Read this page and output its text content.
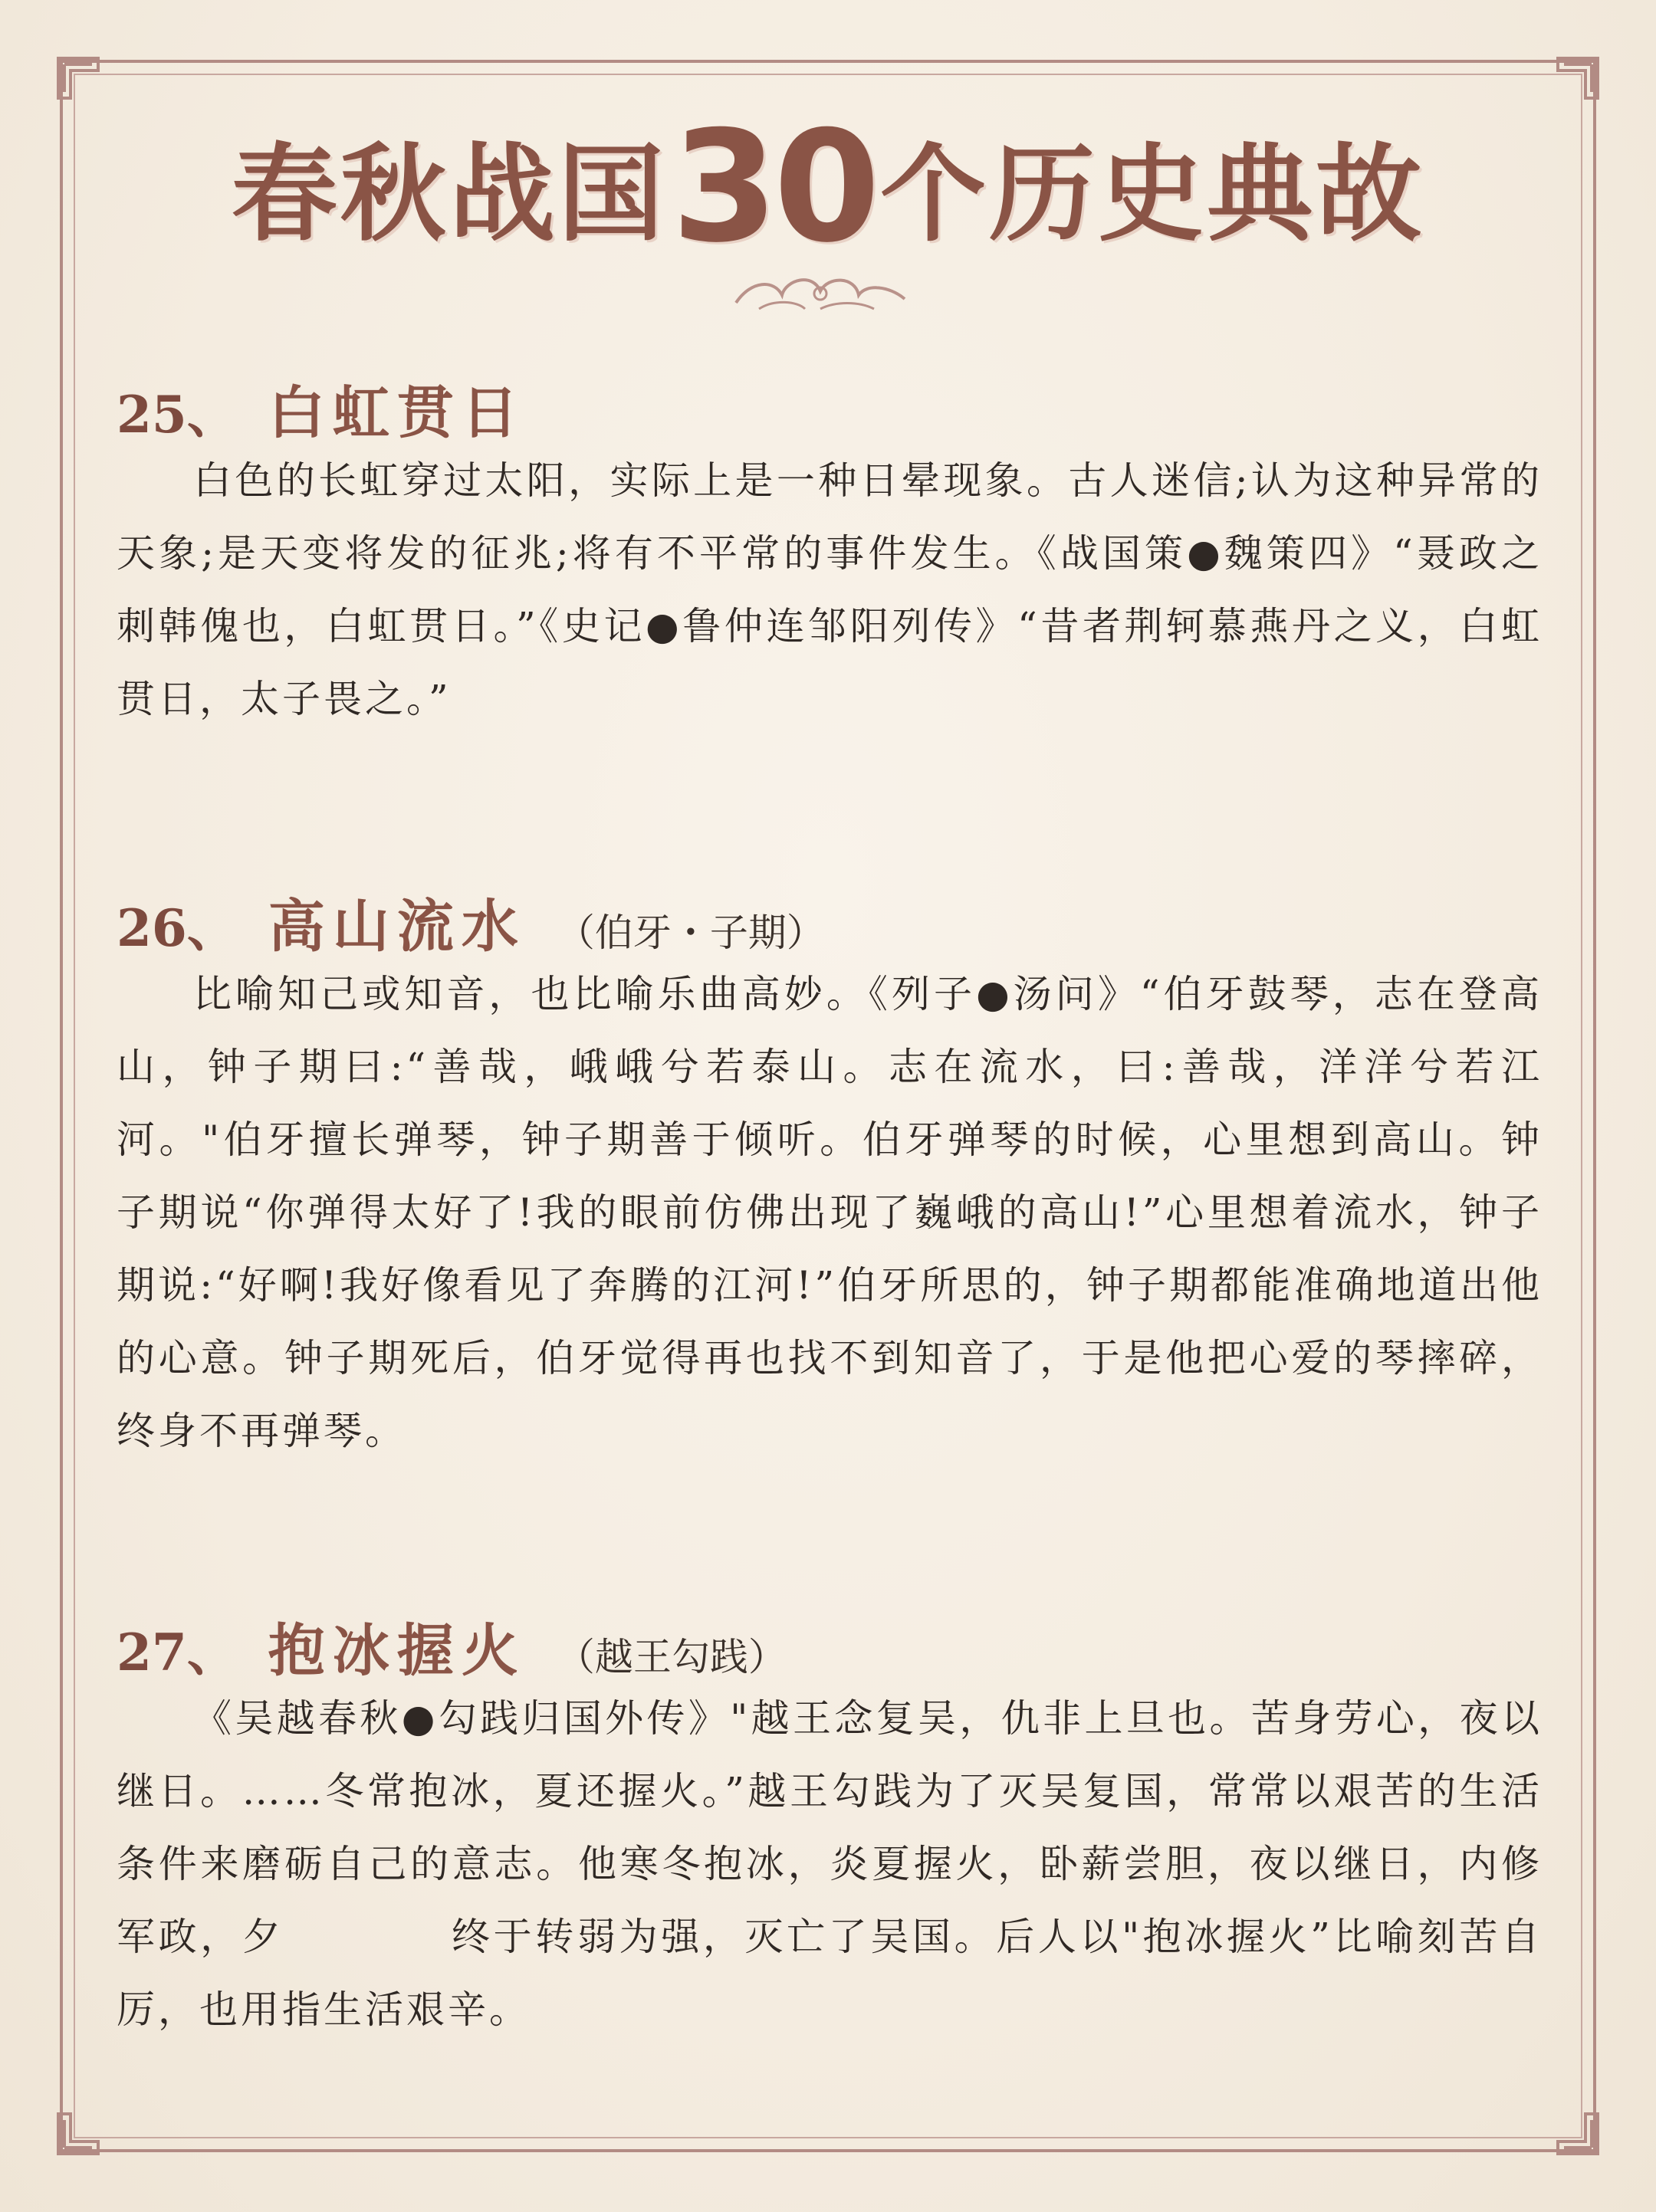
春秋战国30个历史典故
25 、 白虹贯日

白色的长虹穿过太阳，实际上是一种日晕现象。古人迷信;认为这种异常的天象;是天变将发的征兆;将有不平常的事件发生。《战国策●魏策四》“聂政之刺韩傀也，白虹贯日。”《史记●鲁仲连邹阳列传》“昔者荆轲慕燕丹之义，白虹贯日，太子畏之。”

26 、 高山流水 （伯牙・子期）

比喻知己或知音，也比喻乐曲高妙。《列子●汤问》“伯牙鼓琴，志在登高山，钟子期曰:“善哉，峨峨兮若泰山。志在流水，曰:善哉，洋洋兮若江河。"伯牙擅长弹琴，钟子期善于倾听。伯牙弹琴的时候，心里想到高山。钟子期说“你弹得太好了!我的眼前仿佛出现了巍峨的高山!”心里想着流水，钟子期说:“好啊!我好像看见了奔腾的江河!”伯牙所思的，钟子期都能准确地道出他的心意。钟子期死后，伯牙觉得再也找不到知音了，于是他把心爱的琴摔碎，终身不再弹琴。

27 、 抱冰握火 （越王勾践）

《吴越春秋●勾践归国外传》"越王念复吴，仇非上旦也。苦身劳心，夜以继日。……冬常抱冰，夏还握火。”越王勾践为了灭吴复国，常常以艰苦的生活条件来磨砺自己的意志。他寒冬抱冰，炎夏握火，卧薪尝胆，夜以继日，内修军政，夕　　　　终于转弱为强，灭亡了吴国。后人以"抱冰握火”比喻刻苦自厉，也用指生活艰辛。
